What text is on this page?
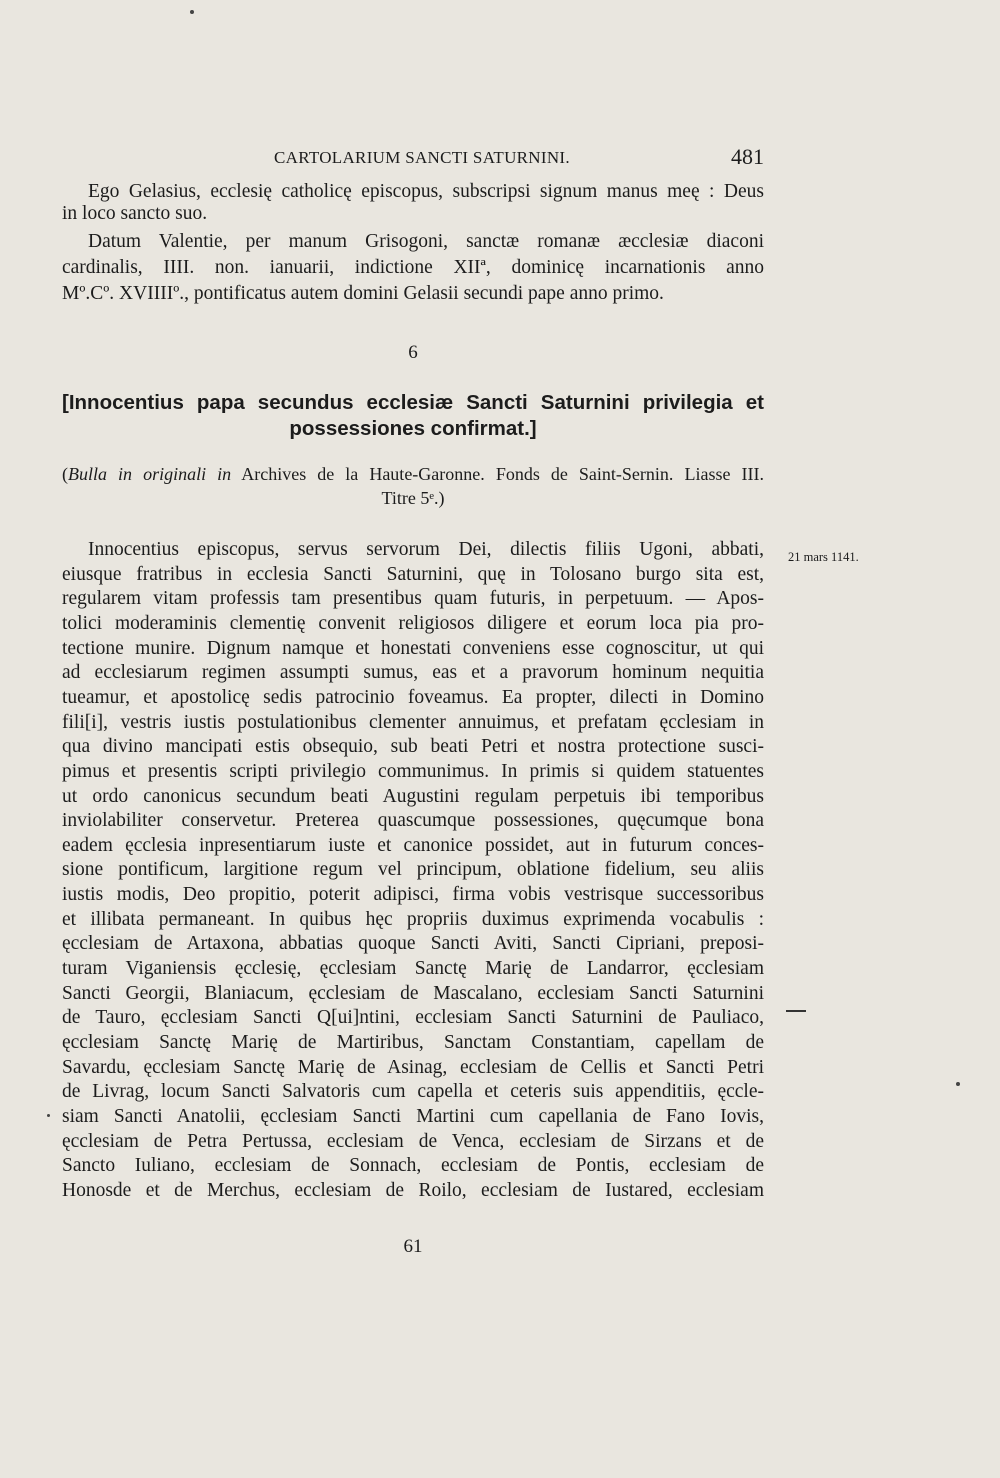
CARTOLARIUM SANCTI SATURNINI.	481
Ego Gelasius, ecclesię catholicę episcopus, subscripsi signum manus meę : Deus
in loco sancto suo.
Datum Valentie, per manum Grisogoni, sanctæ romanæ æcclesiæ diaconi
cardinalis, IIII. non. ianuarii, indictione XIIª, dominicę incarnationis anno
Mº.Cº. XVIIIIº., pontificatus autem domini Gelasii secundi pape anno primo.
6
[Innocentius papa secundus ecclesiæ Sancti Saturnini privilegia et
possessiones confirmat.]
(Bulla in originali in Archives de la Haute-Garonne. Fonds de Saint-Sernin. Liasse III.
Titre 5ᵉ.)
21 mars 1141.
Innocentius episcopus, servus servorum Dei, dilectis filiis Ugoni, abbati,
eiusque fratribus in ecclesia Sancti Saturnini, quę in Tolosano burgo sita est,
regularem vitam professis tam presentibus quam futuris, in perpetuum. — Apos-
tolici moderaminis clementię convenit religiosos diligere et eorum loca pia pro-
tectione munire. Dignum namque et honestati conveniens esse cognoscitur, ut qui
ad ecclesiarum regimen assumpti sumus, eas et a pravorum hominum nequitia
tueamur, et apostolicę sedis patrocinio foveamus. Ea propter, dilecti in Domino
fili[i], vestris iustis postulationibus clementer annuimus, et prefatam ęcclesiam in
qua divino mancipati estis obsequio, sub beati Petri et nostra protectione susci-
pimus et presentis scripti privilegio communimus. In primis si quidem statuentes
ut ordo canonicus secundum beati Augustini regulam perpetuis ibi temporibus
inviolabiliter conservetur. Preterea quascumque possessiones, quęcumque bona
eadem ęcclesia inpresentiarum iuste et canonice possidet, aut in futurum conces-
sione pontificum, largitione regum vel principum, oblatione fidelium, seu aliis
iustis modis, Deo propitio, poterit adipisci, firma vobis vestrisque successoribus
et illibata permaneant. In quibus hęc propriis duximus exprimenda vocabulis :
ęcclesiam de Artaxona, abbatias quoque Sancti Aviti, Sancti Cipriani, preposi-
turam Viganiensis ęcclesię, ęcclesiam Sanctę Marię de Landarror, ęcclesiam
Sancti Georgii, Blaniacum, ęcclesiam de Mascalano, ecclesiam Sancti Saturnini
de Tauro, ęcclesiam Sancti Q[ui]ntini, ecclesiam Sancti Saturnini de Pauliaco,
ęcclesiam Sanctę Marię de Martiribus, Sanctam Constantiam, capellam de
Savardu, ęcclesiam Sanctę Marię de Asinag, ecclesiam de Cellis et Sancti Petri
de Livrag, locum Sancti Salvatoris cum capella et ceteris suis appenditiis, ęccle-
siam Sancti Anatolii, ęcclesiam Sancti Martini cum capellania de Fano Iovis,
ęcclesiam de Petra Pertussa, ecclesiam de Venca, ecclesiam de Sirzans et de
Sancto Iuliano, ecclesiam de Sonnach, ecclesiam de Pontis, ecclesiam de
Honosde et de Merchus, ecclesiam de Roilo, ecclesiam de Iustared, ecclesiam
61
